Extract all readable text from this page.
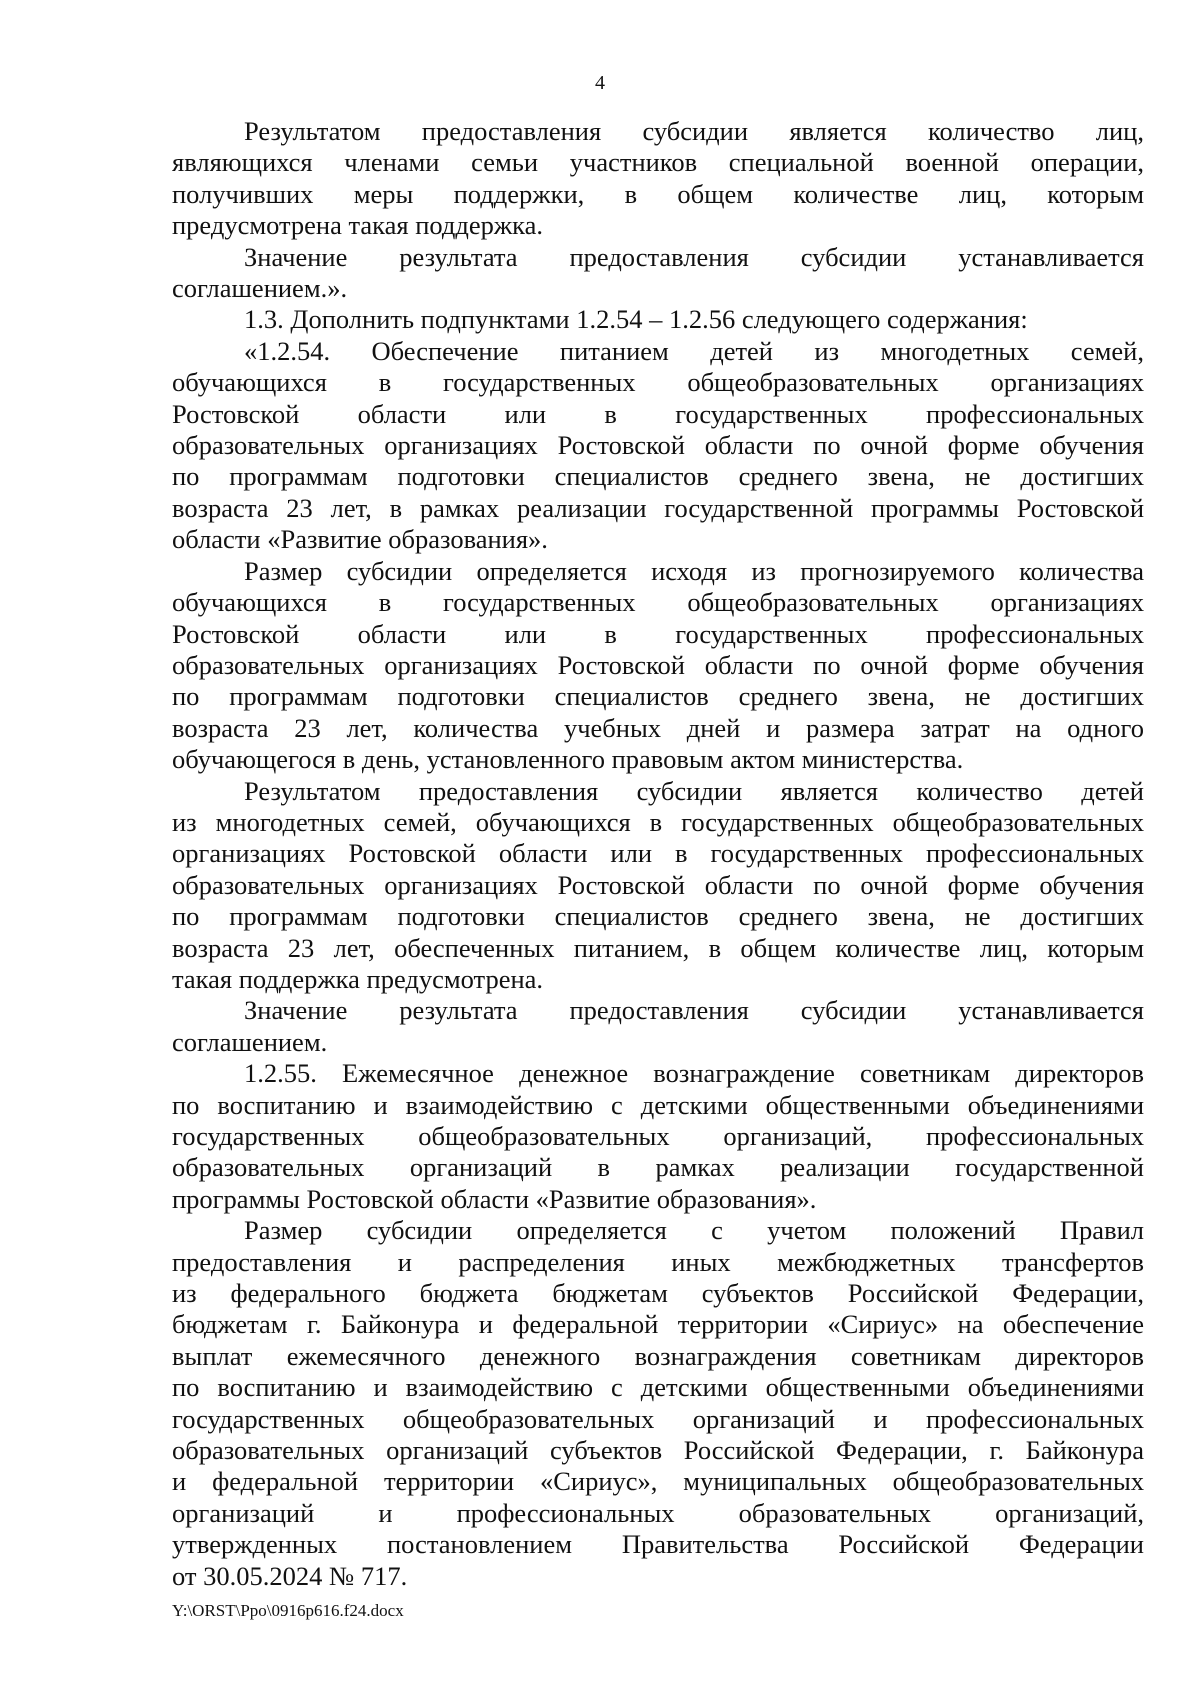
4
Результатом предоставления субсидии является количество лиц,
являющихся членами семьи участников специальной военной операции,
получивших меры поддержки, в общем количестве лиц, которым
предусмотрена такая поддержка.
Значение результата предоставления субсидии устанавливается
соглашением.».
1.3. Дополнить подпунктами 1.2.54 – 1.2.56 следующего содержания:
«1.2.54. Обеспечение питанием детей из многодетных семей,
обучающихся в государственных общеобразовательных организациях
Ростовской области или в государственных профессиональных
образовательных организациях Ростовской области по очной форме обучения
по программам подготовки специалистов среднего звена, не достигших
возраста 23 лет, в рамках реализации государственной программы Ростовской
области «Развитие образования».
Размер субсидии определяется исходя из прогнозируемого количества
обучающихся в государственных общеобразовательных организациях
Ростовской области или в государственных профессиональных
образовательных организациях Ростовской области по очной форме обучения
по программам подготовки специалистов среднего звена, не достигших
возраста 23 лет, количества учебных дней и размера затрат на одного
обучающегося в день, установленного правовым актом министерства.
Результатом предоставления субсидии является количество детей
из многодетных семей, обучающихся в государственных общеобразовательных
организациях Ростовской области или в государственных профессиональных
образовательных организациях Ростовской области по очной форме обучения
по программам подготовки специалистов среднего звена, не достигших
возраста 23 лет, обеспеченных питанием, в общем количестве лиц, которым
такая поддержка предусмотрена.
Значение результата предоставления субсидии устанавливается
соглашением.
1.2.55. Ежемесячное денежное вознаграждение советникам директоров
по воспитанию и взаимодействию с детскими общественными объединениями
государственных общеобразовательных организаций, профессиональных
образовательных организаций в рамках реализации государственной
программы Ростовской области «Развитие образования».
Размер субсидии определяется с учетом положений Правил
предоставления и распределения иных межбюджетных трансфертов
из федерального бюджета бюджетам субъектов Российской Федерации,
бюджетам г. Байконура и федеральной территории «Сириус» на обеспечение
выплат ежемесячного денежного вознаграждения советникам директоров
по воспитанию и взаимодействию с детскими общественными объединениями
государственных общеобразовательных организаций и профессиональных
образовательных организаций субъектов Российской Федерации, г. Байконура
и федеральной территории «Сириус», муниципальных общеобразовательных
организаций и профессиональных образовательных организаций,
утвержденных постановлением Правительства Российской Федерации
от 30.05.2024 № 717.
Y:\ORST\Ppo\0916p616.f24.docx
